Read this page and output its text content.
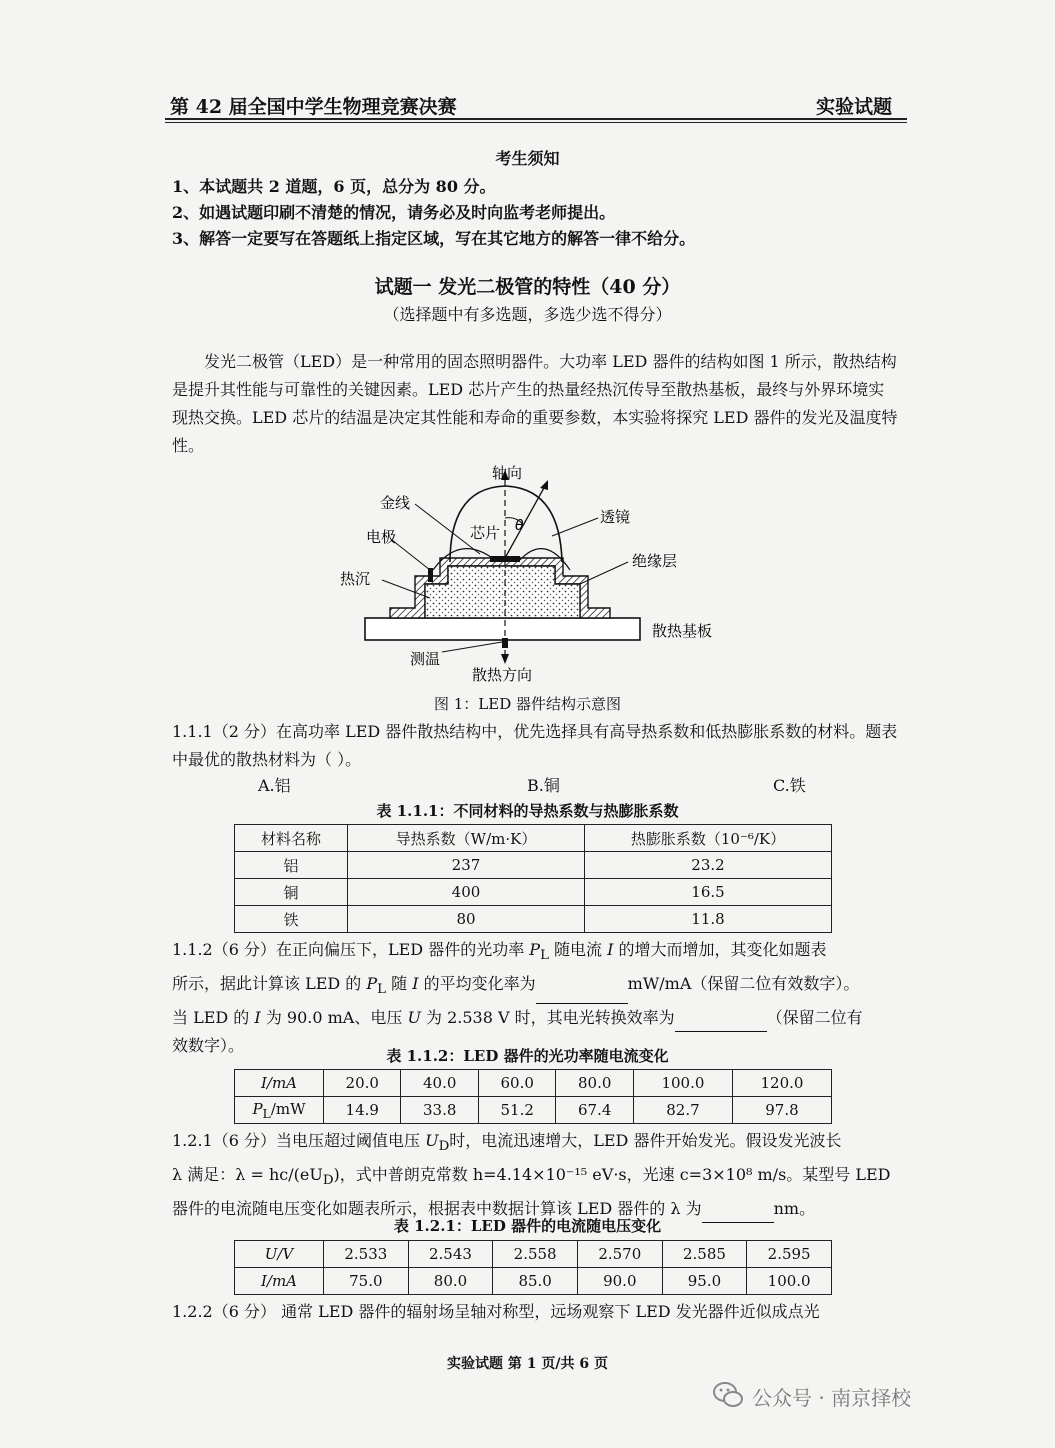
第 42 届全国中学生物理竞赛决赛	实验试题
考生须知
1、本试题共 2 道题，6 页，总分为 80 分。
2、如遇试题印刷不清楚的情况，请务必及时向监考老师提出。
3、解答一定要写在答题纸上指定区域，写在其它地方的解答一律不给分。
试题一 发光二极管的特性（40 分）
（选择题中有多选题，多选少选不得分）

发光二极管（LED）是一种常用的固态照明器件。大功率 LED 器件的结构如图 1 所示，散热结构是提升其性能与可靠性的关键因素。LED 芯片产生的热量经热沉传导至散热基板，最终与外界环境实现热交换。LED 芯片的结温是决定其性能和寿命的重要参数，本实验将探究 LED 器件的发光及温度特性。

轴向
金线
芯片 θ	透镜
电极
绝缘层
热沉
散热基板
测温
散热方向
图 1：LED 器件结构示意图

1.1.1（2 分）在高功率 LED 器件散热结构中，优先选择具有高导热系数和低热膨胀系数的材料。题表中最优的散热材料为（ ）。

A.铝	B.铜	C.铁
表 1.1.1：不同材料的导热系数与热膨胀系数
材料名称	导热系数（W/m·K）	热膨胀系数（10⁻⁶/K）
铝	237	23.2
铜	400	16.5
铁	80	11.8

1.1.2（6 分）在正向偏压下，LED 器件的光功率 $P_L$ 随电流 I 的增大而增加，其变化如题表

所示，据此计算该 LED 的 $P_L$ 随 I 的平均变化率为	mW/mA（保留二位有效数字）。

当 LED 的 I 为 90.0 mA、电压 U 为 2.538 V 时，其电光转换效率为	（保留二位有

效数字）。

表 1.1.2：LED 器件的光功率随电流变化
I/mA	20.0	40.0	60.0	80.0	100.0	120.0
$P_L/mW$	14.9	33.8	51.2	67.4	82.7	97.8

1.2.1（6 分）当电压超过阈值电压 $U_D$时，电流迅速增大，LED 器件开始发光。假设发光波长

λ 满足：$\lambda = hc/(eU_D)$，式中普朗克常数 h=4.14×10⁻¹⁵ eV·s，光速 c=3×10⁸ m/s。某型号 LED

器件的电流随电压变化如题表所示，根据表中数据计算该 LED 器件的 λ 为	nm。

表 1.2.1：LED 器件的电流随电压变化
U/V	2.533	2.543	2.558	2.570	2.585	2.595
I/mA	75.0	80.0	85.0	90.0	95.0	100.0

1.2.2（6 分） 通常 LED 器件的辐射场呈轴对称型，远场观察下 LED 发光器件近似成点光

实验试题 第 1 页/共 6 页
公众号 · 南京择校
